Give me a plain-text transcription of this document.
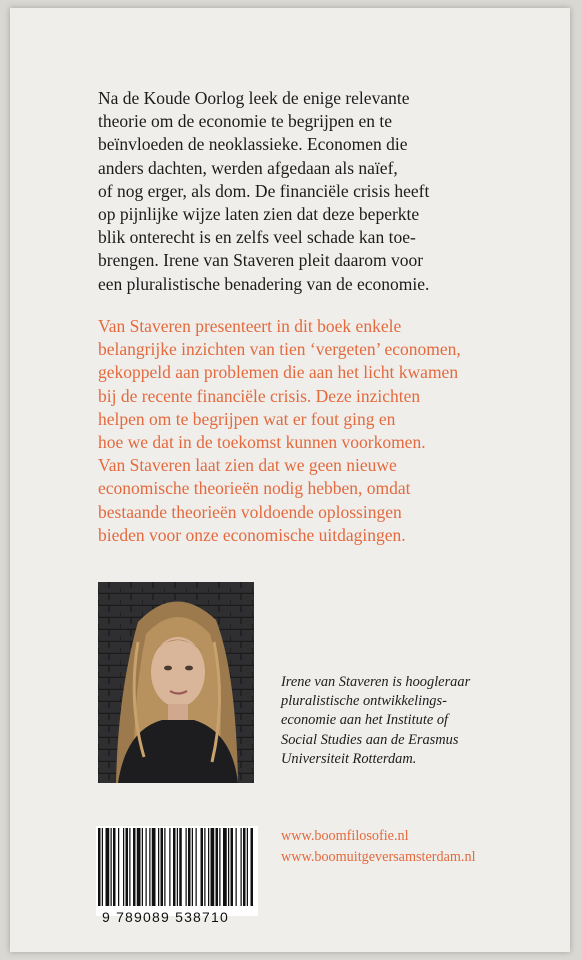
Na de Koude Oorlog leek de enige relevante
theorie om de economie te begrijpen en te
beïnvloeden de neoklassieke. Economen die
anders dachten, werden afgedaan als naïef,
of nog erger, als dom. De financiële crisis heeft
op pijnlijke wijze laten zien dat deze beperkte
blik onterecht is en zelfs veel schade kan toe-
brengen. Irene van Staveren pleit daarom voor
een pluralistische benadering van de economie.
Van Staveren presenteert in dit boek enkele
belangrijke inzichten van tien ‘vergeten’ economen,
gekoppeld aan problemen die aan het licht kwamen
bij de recente financiële crisis. Deze inzichten
helpen om te begrijpen wat er fout ging en
hoe we dat in de toekomst kunnen voorkomen.
Van Staveren laat zien dat we geen nieuwe
economische theorieën nodig hebben, omdat
bestaande theorieën voldoende oplossingen
bieden voor onze economische uitdagingen.
Irene van Staveren is hoogleraar
pluralistische ontwikkelings-
economie aan het Institute of
Social Studies aan de Erasmus
Universiteit Rotterdam.
9 789089 538710
www.boomfilosofie.nl
www.boomuitgeversamsterdam.nl
